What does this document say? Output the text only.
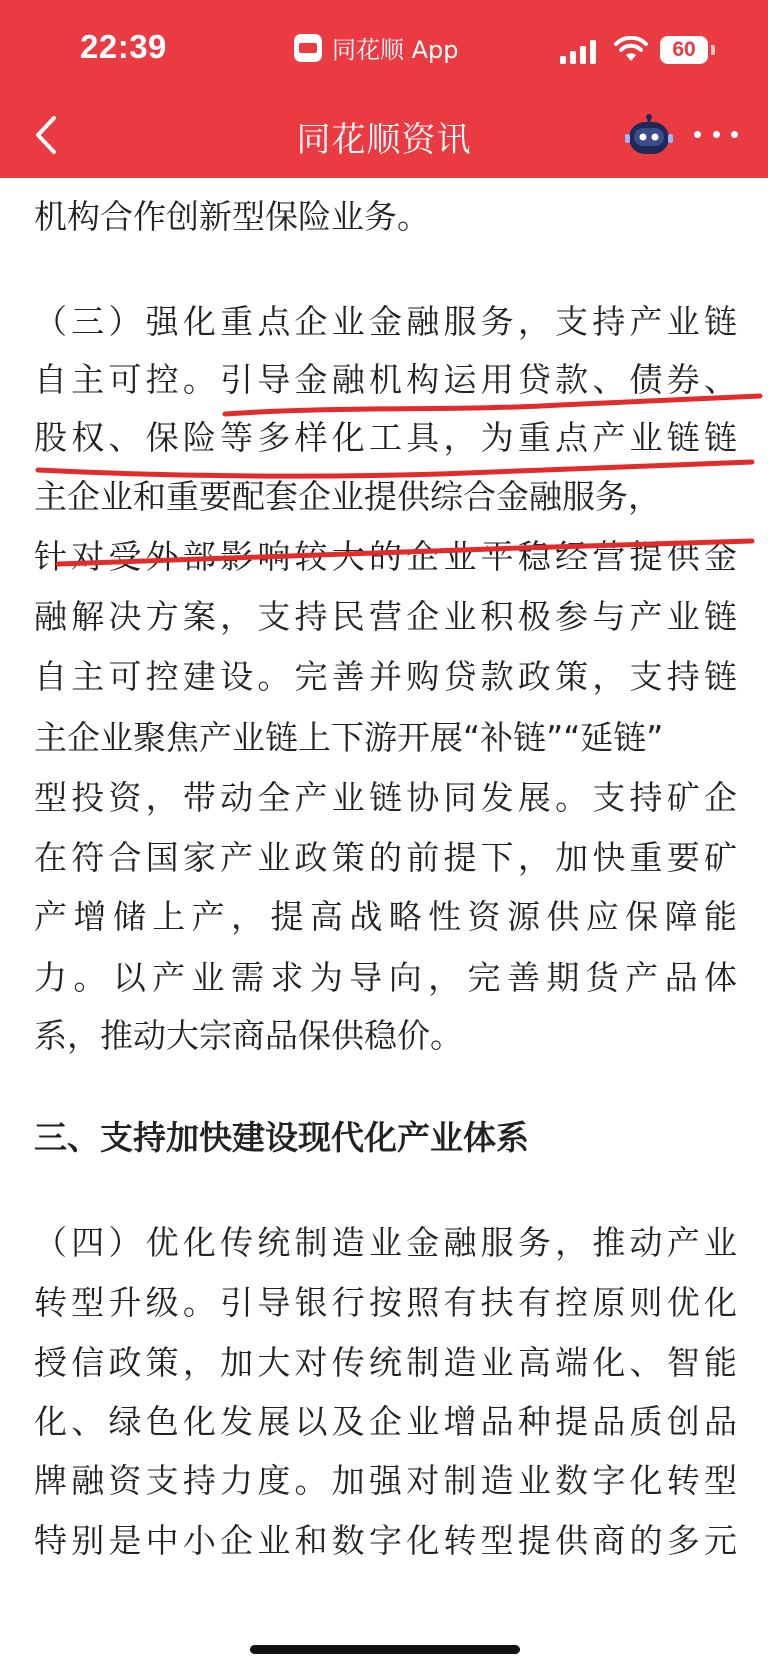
机构合作创新型保险业务。
（三）强化重点企业金融服务，支持产业链
自主可控。引导金融机构运用贷款、债券、
股权、保险等多样化工具，为重点产业链链
主企业和重要配套企业提供综合金融服务，
针对受外部影响较大的企业平稳经营提供金
融解决方案，支持民营企业积极参与产业链
自主可控建设。完善并购贷款政策，支持链
主企业聚焦产业链上下游开展“补链”“延链”
型投资，带动全产业链协同发展。支持矿企
在符合国家产业政策的前提下，加快重要矿
产增储上产，提高战略性资源供应保障能
力。以产业需求为导向，完善期货产品体
系，推动大宗商品保供稳价。
三、支持加快建设现代化产业体系
（四）优化传统制造业金融服务，推动产业
转型升级。引导银行按照有扶有控原则优化
授信政策，加大对传统制造业高端化、智能
化、绿色化发展以及企业增品种提品质创品
牌融资支持力度。加强对制造业数字化转型
特别是中小企业和数字化转型提供商的多元
22:39	同花顺 App	60
同花顺资讯
